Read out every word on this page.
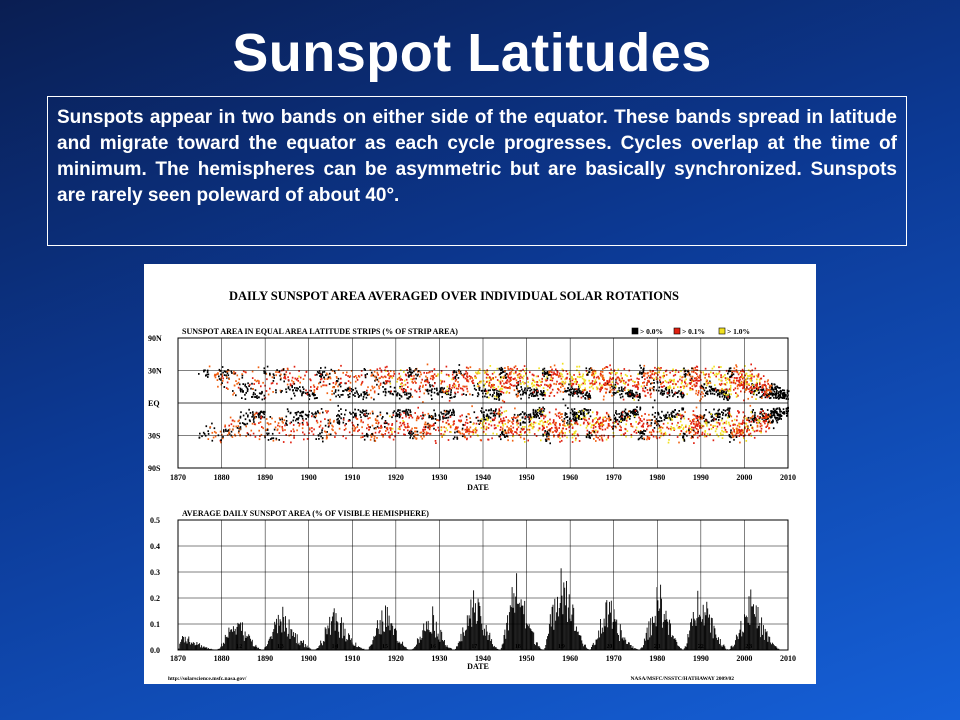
Sunspot Latitudes
Sunspots appear in two bands on either side of the equator. These bands spread in latitude and migrate toward the equator as each cycle progresses. Cycles overlap at the time of minimum. The hemispheres can be asymmetric but are basically synchronized. Sunspots are rarely seen poleward of about 40°.
DAILY SUNSPOT AREA AVERAGED OVER INDIVIDUAL SOLAR ROTATIONS
SUNSPOT AREA IN EQUAL AREA LATITUDE STRIPS (% OF STRIP AREA)	> 0.0%	> 0.1%	> 1.0%
90N
30N
EQ
30S
90S
1870	1880	1890	1900	1910	1920	1930	1940	1950	1960	1970	1980	1990	2000	2010
DATE
AVERAGE DAILY SUNSPOT AREA (% OF VISIBLE HEMISPHERE)
12	13	14	15	16	17	18	19	20	21	22	23
0.0
0.1
0.2
0.3
0.4
0.5
1870	1880	1890	1900	1910	1920	1930	1940	1950	1960	1970	1980	1990	2000	2010
DATE
http://solarscience.msfc.nasa.gov/	NASA/MSFC/NSSTC/HATHAWAY 2009/02
